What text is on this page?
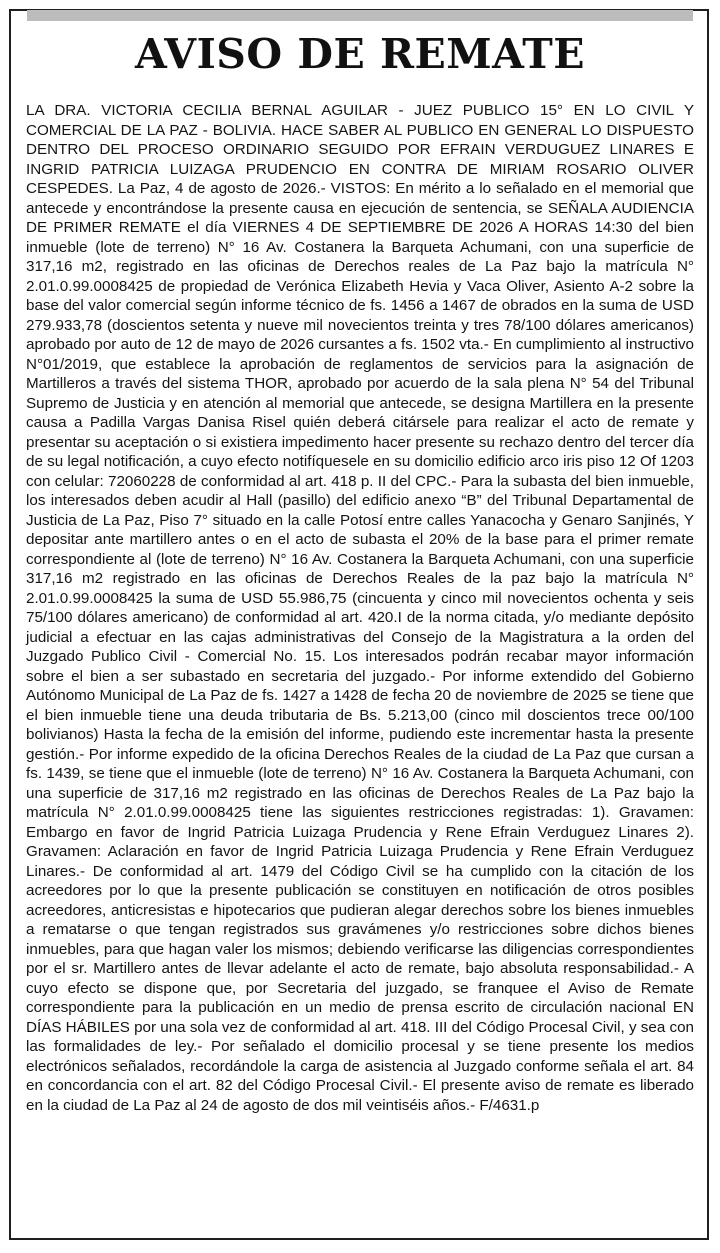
AVISO DE REMATE

LA DRA. VICTORIA CECILIA BERNAL AGUILAR - JUEZ PUBLICO 15° EN LO CIVIL Y COMERCIAL DE LA PAZ - BOLIVIA. HACE SABER AL PUBLICO EN GENERAL LO DISPUESTO DENTRO DEL PROCESO ORDINARIO SEGUIDO POR EFRAIN VERDUGUEZ LINARES E INGRID PATRICIA LUIZAGA PRUDENCIO EN CONTRA DE MIRIAM ROSARIO OLIVER CESPEDES. La Paz, 4 de agosto de 2026.- VISTOS: En mérito a lo señalado en el memorial que antecede y encontrándose la presente causa en ejecución de sentencia, se SEÑALA AUDIENCIA DE PRIMER REMATE el día VIERNES 4 DE SEPTIEMBRE DE 2026 A HORAS 14:30 del bien inmueble (lote de terreno) N° 16 Av. Costanera la Barqueta Achumani, con una superficie de 317,16 m2, registrado en las oficinas de Derechos reales de La Paz bajo la matrícula N° 2.01.0.99.0008425 de propiedad de Verónica Elizabeth Hevia y Vaca Oliver, Asiento A-2 sobre la base del valor comercial según informe técnico de fs. 1456 a 1467 de obrados en la suma de USD 279.933,78 (doscientos setenta y nueve mil novecientos treinta y tres 78/100 dólares americanos) aprobado por auto de 12 de mayo de 2026 cursantes a fs. 1502 vta.- En cumplimiento al instructivo N°01/2019, que establece la aprobación de reglamentos de servicios para la asignación de Martilleros a través del sistema THOR, aprobado por acuerdo de la sala plena N° 54 del Tribunal Supremo de Justicia y en atención al memorial que antecede, se designa Martillera en la presente causa a Padilla Vargas Danisa Risel quién deberá citársele para realizar el acto de remate y presentar su aceptación o si existiera impedimento hacer presente su rechazo dentro del tercer día de su legal notificación, a cuyo efecto notifíquesele en su domicilio edificio arco iris piso 12 Of 1203 con celular: 72060228 de conformidad al art. 418 p. II del CPC.- Para la subasta del bien inmueble, los interesados deben acudir al Hall (pasillo) del edificio anexo “B” del Tribunal Departamental de Justicia de La Paz, Piso 7° situado en la calle Potosí entre calles Yanacocha y Genaro Sanjinés, Y depositar ante martillero antes o en el acto de subasta el 20% de la base para el primer remate correspondiente al (lote de terreno) N° 16 Av. Costanera la Barqueta Achumani, con una superficie 317,16 m2 registrado en las oficinas de Derechos Reales de la paz bajo la matrícula N° 2.01.0.99.0008425 la suma de USD 55.986,75 (cincuenta y cinco mil novecientos ochenta y seis 75/100 dólares americano) de conformidad al art. 420.I de la norma citada, y/o mediante depósito judicial a efectuar en las cajas administrativas del Consejo de la Magistratura a la orden del Juzgado Publico Civil - Comercial No. 15. Los interesados podrán recabar mayor información sobre el bien a ser subastado en secretaria del juzgado.- Por informe extendido del Gobierno Autónomo Municipal de La Paz de fs. 1427 a 1428 de fecha 20 de noviembre de 2025 se tiene que el bien inmueble tiene una deuda tributaria de Bs. 5.213,00 (cinco mil doscientos trece 00/100 bolivianos) Hasta la fecha de la emisión del informe, pudiendo este incrementar hasta la presente gestión.- Por informe expedido de la oficina Derechos Reales de la ciudad de La Paz que cursan a fs. 1439, se tiene que el inmueble (lote de terreno) N° 16 Av. Costanera la Barqueta Achumani, con una superficie de 317,16 m2 registrado en las oficinas de Derechos Reales de La Paz bajo la matrícula N° 2.01.0.99.0008425 tiene las siguientes restricciones registradas: 1). Gravamen: Embargo en favor de Ingrid Patricia Luizaga Prudencia y Rene Efrain Verduguez Linares 2). Gravamen: Aclaración en favor de Ingrid Patricia Luizaga Prudencia y Rene Efrain Verduguez Linares.- De conformidad al art. 1479 del Código Civil se ha cumplido con la citación de los acreedores por lo que la presente publicación se constituyen en notificación de otros posibles acreedores, anticresistas e hipotecarios que pudieran alegar derechos sobre los bienes inmuebles a rematarse o que tengan registrados sus gravámenes y/o restricciones sobre dichos bienes inmuebles, para que hagan valer los mismos; debiendo verificarse las diligencias correspondientes por el sr. Martillero antes de llevar adelante el acto de remate, bajo absoluta responsabilidad.- A cuyo efecto se dispone que, por Secretaria del juzgado, se franquee el Aviso de Remate correspondiente para la publicación en un medio de prensa escrito de circulación nacional EN DÍAS HÁBILES por una sola vez de conformidad al art. 418. III del Código Procesal Civil, y sea con las formalidades de ley.- Por señalado el domicilio procesal y se tiene presente los medios electrónicos señalados, recordándole la carga de asistencia al Juzgado conforme señala el art. 84 en concordancia con el art. 82 del Código Procesal Civil.- El presente aviso de remate es liberado en la ciudad de La Paz al 24 de agosto de dos mil veintiséis años.- F/4631.p
